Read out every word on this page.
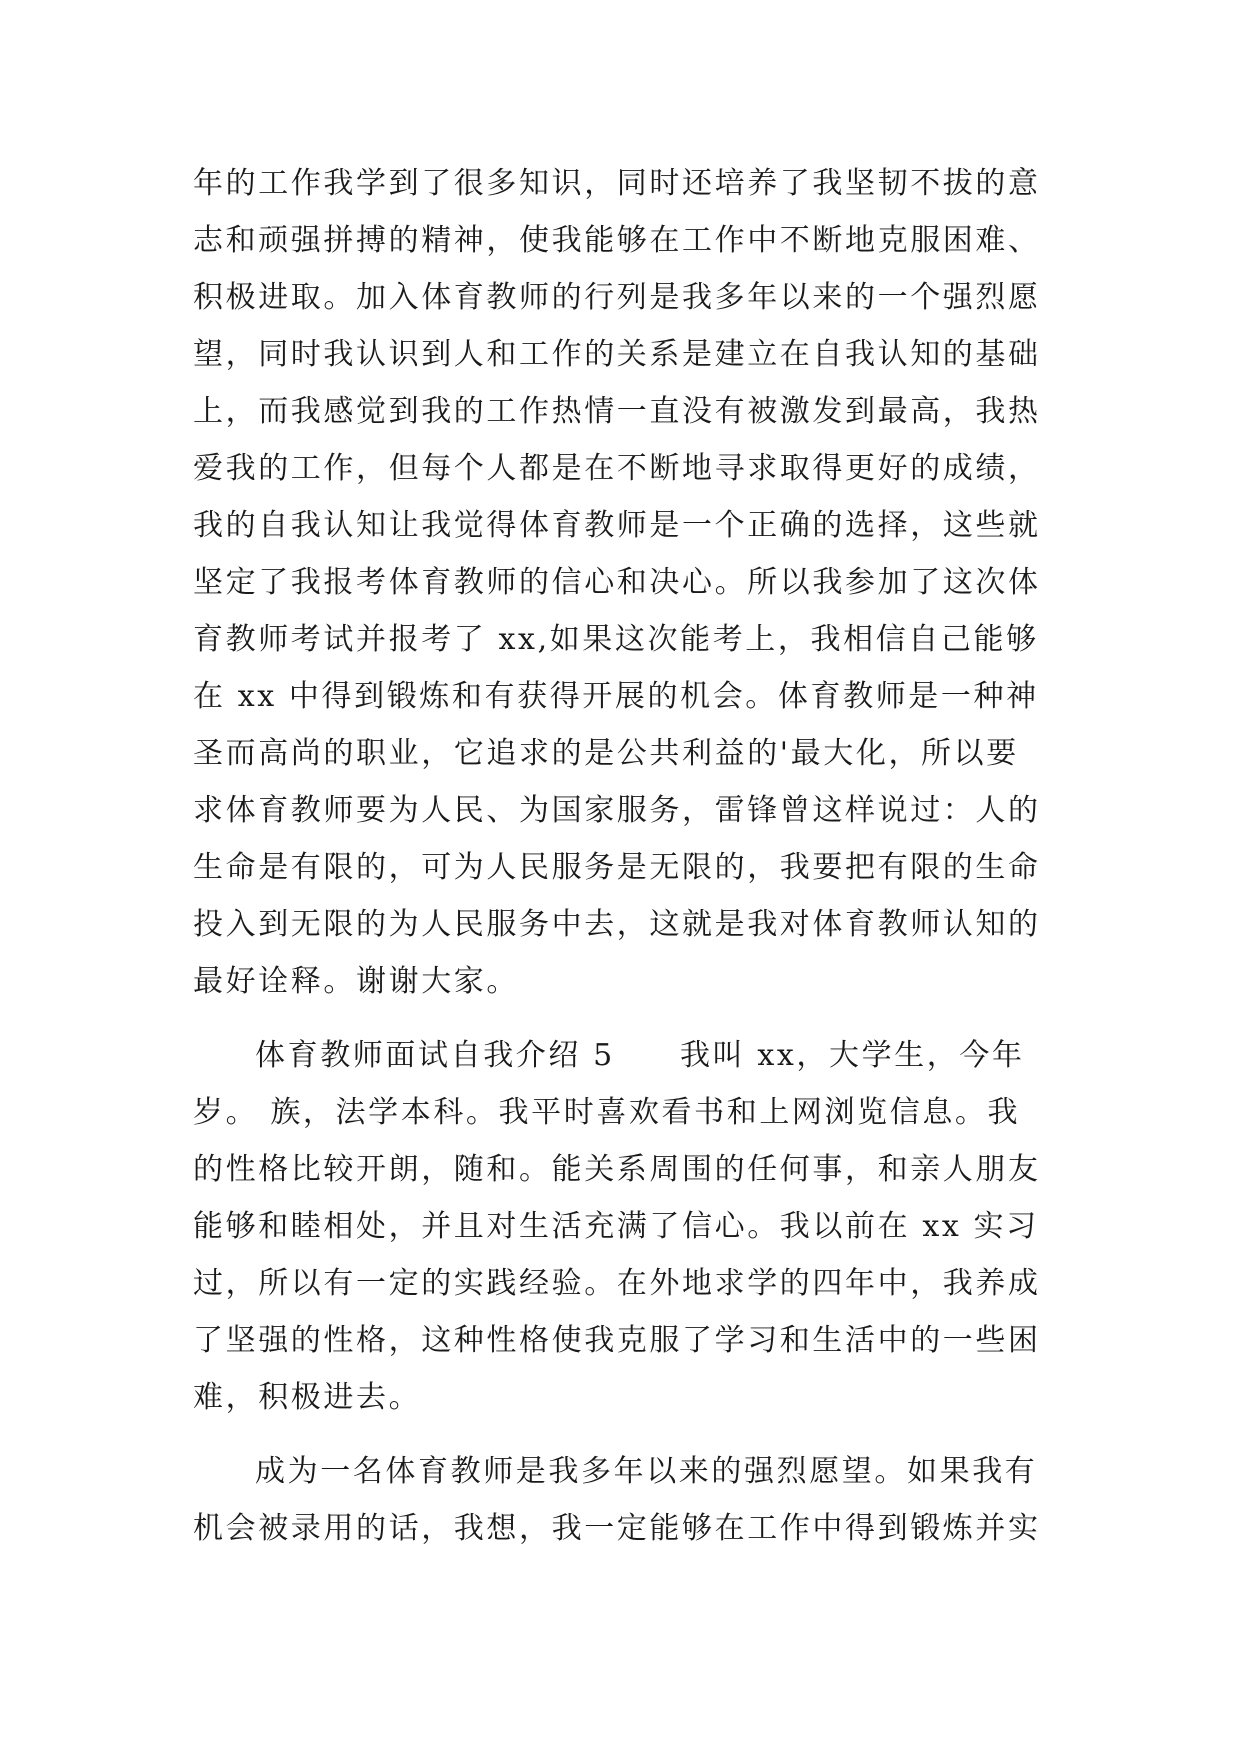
年的工作我学到了很多知识，同时还培养了我坚韧不拔的意
志和顽强拼搏的精神，使我能够在工作中不断地克服困难、
积极进取。加入体育教师的行列是我多年以来的一个强烈愿
望，同时我认识到人和工作的关系是建立在自我认知的基础
上，而我感觉到我的工作热情一直没有被激发到最高，我热
爱我的工作，但每个人都是在不断地寻求取得更好的成绩，
我的自我认知让我觉得体育教师是一个正确的选择，这些就
坚定了我报考体育教师的信心和决心。所以我参加了这次体
育教师考试并报考了 xx,如果这次能考上，我相信自己能够
在 xx 中得到锻炼和有获得开展的机会。体育教师是一种神
圣而高尚的职业，它追求的是公共利益的'最大化，所以要
求体育教师要为人民、为国家服务，雷锋曾这样说过：人的
生命是有限的，可为人民服务是无限的，我要把有限的生命
投入到无限的为人民服务中去，这就是我对体育教师认知的
最好诠释。谢谢大家。
体育教师面试自我介绍 5　　我叫 xx，大学生，今年
岁。 族，法学本科。我平时喜欢看书和上网浏览信息。我
的性格比较开朗，随和。能关系周围的任何事，和亲人朋友
能够和睦相处，并且对生活充满了信心。我以前在 xx 实习
过，所以有一定的实践经验。在外地求学的四年中，我养成
了坚强的性格，这种性格使我克服了学习和生活中的一些困
难，积极进去。
成为一名体育教师是我多年以来的强烈愿望。如果我有
机会被录用的话，我想，我一定能够在工作中得到锻炼并实
